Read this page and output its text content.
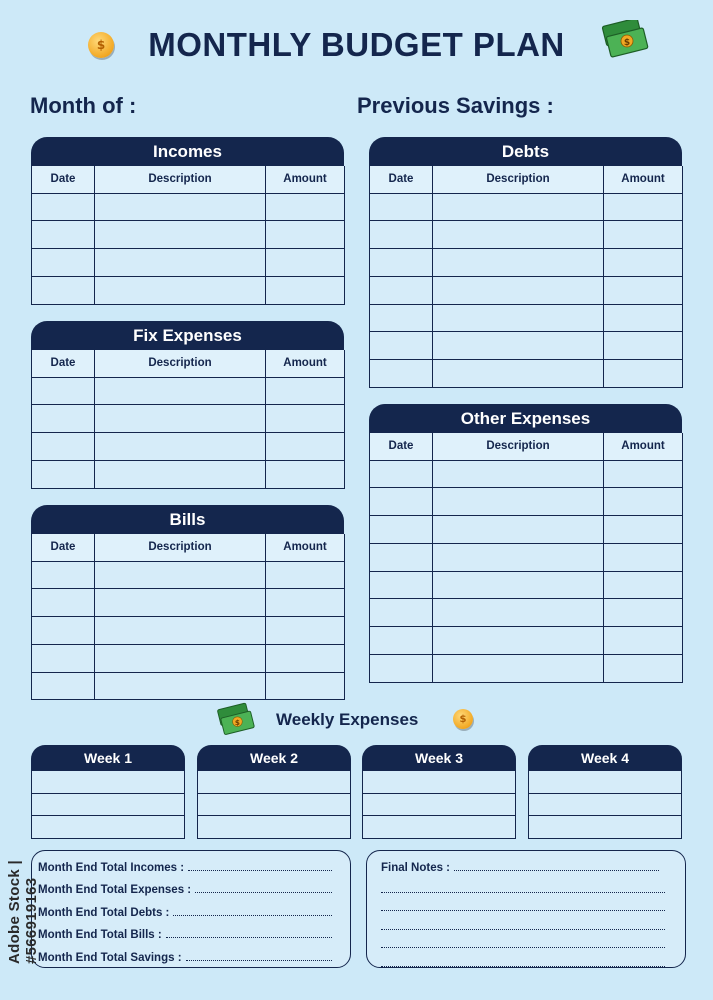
$	MONTHLY BUDGET PLAN	$
Month of :	Previous Savings :
Incomes
Date	Description	Amount

Fix Expenses
Date	Description	Amount

Bills
Date	Description	Amount

Debts
Date	Description	Amount

Other Expenses
Date	Description	Amount

$ Weekly Expenses	$
Week 1	Week 2	Week 3	Week 4

Month End Total Incomes :
Month End Total Expenses :
Month End Total Debts :
Month End Total Bills :
Month End Total Savings :
Final Notes :
Adobe Stock | #566919163
